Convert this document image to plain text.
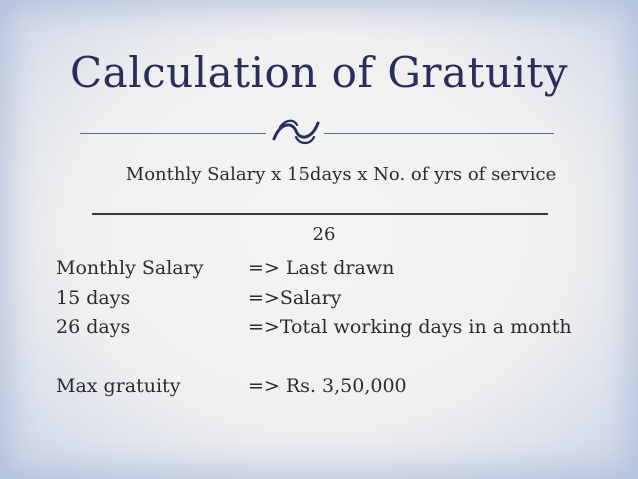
Calculation of Gratuity
Monthly Salary x 15days x No. of yrs of service
26
Monthly Salary => Last drawn
15 days	=>Salary
26 days	=>Total working days in a month
Max gratuity	=> Rs. 3,50,000
